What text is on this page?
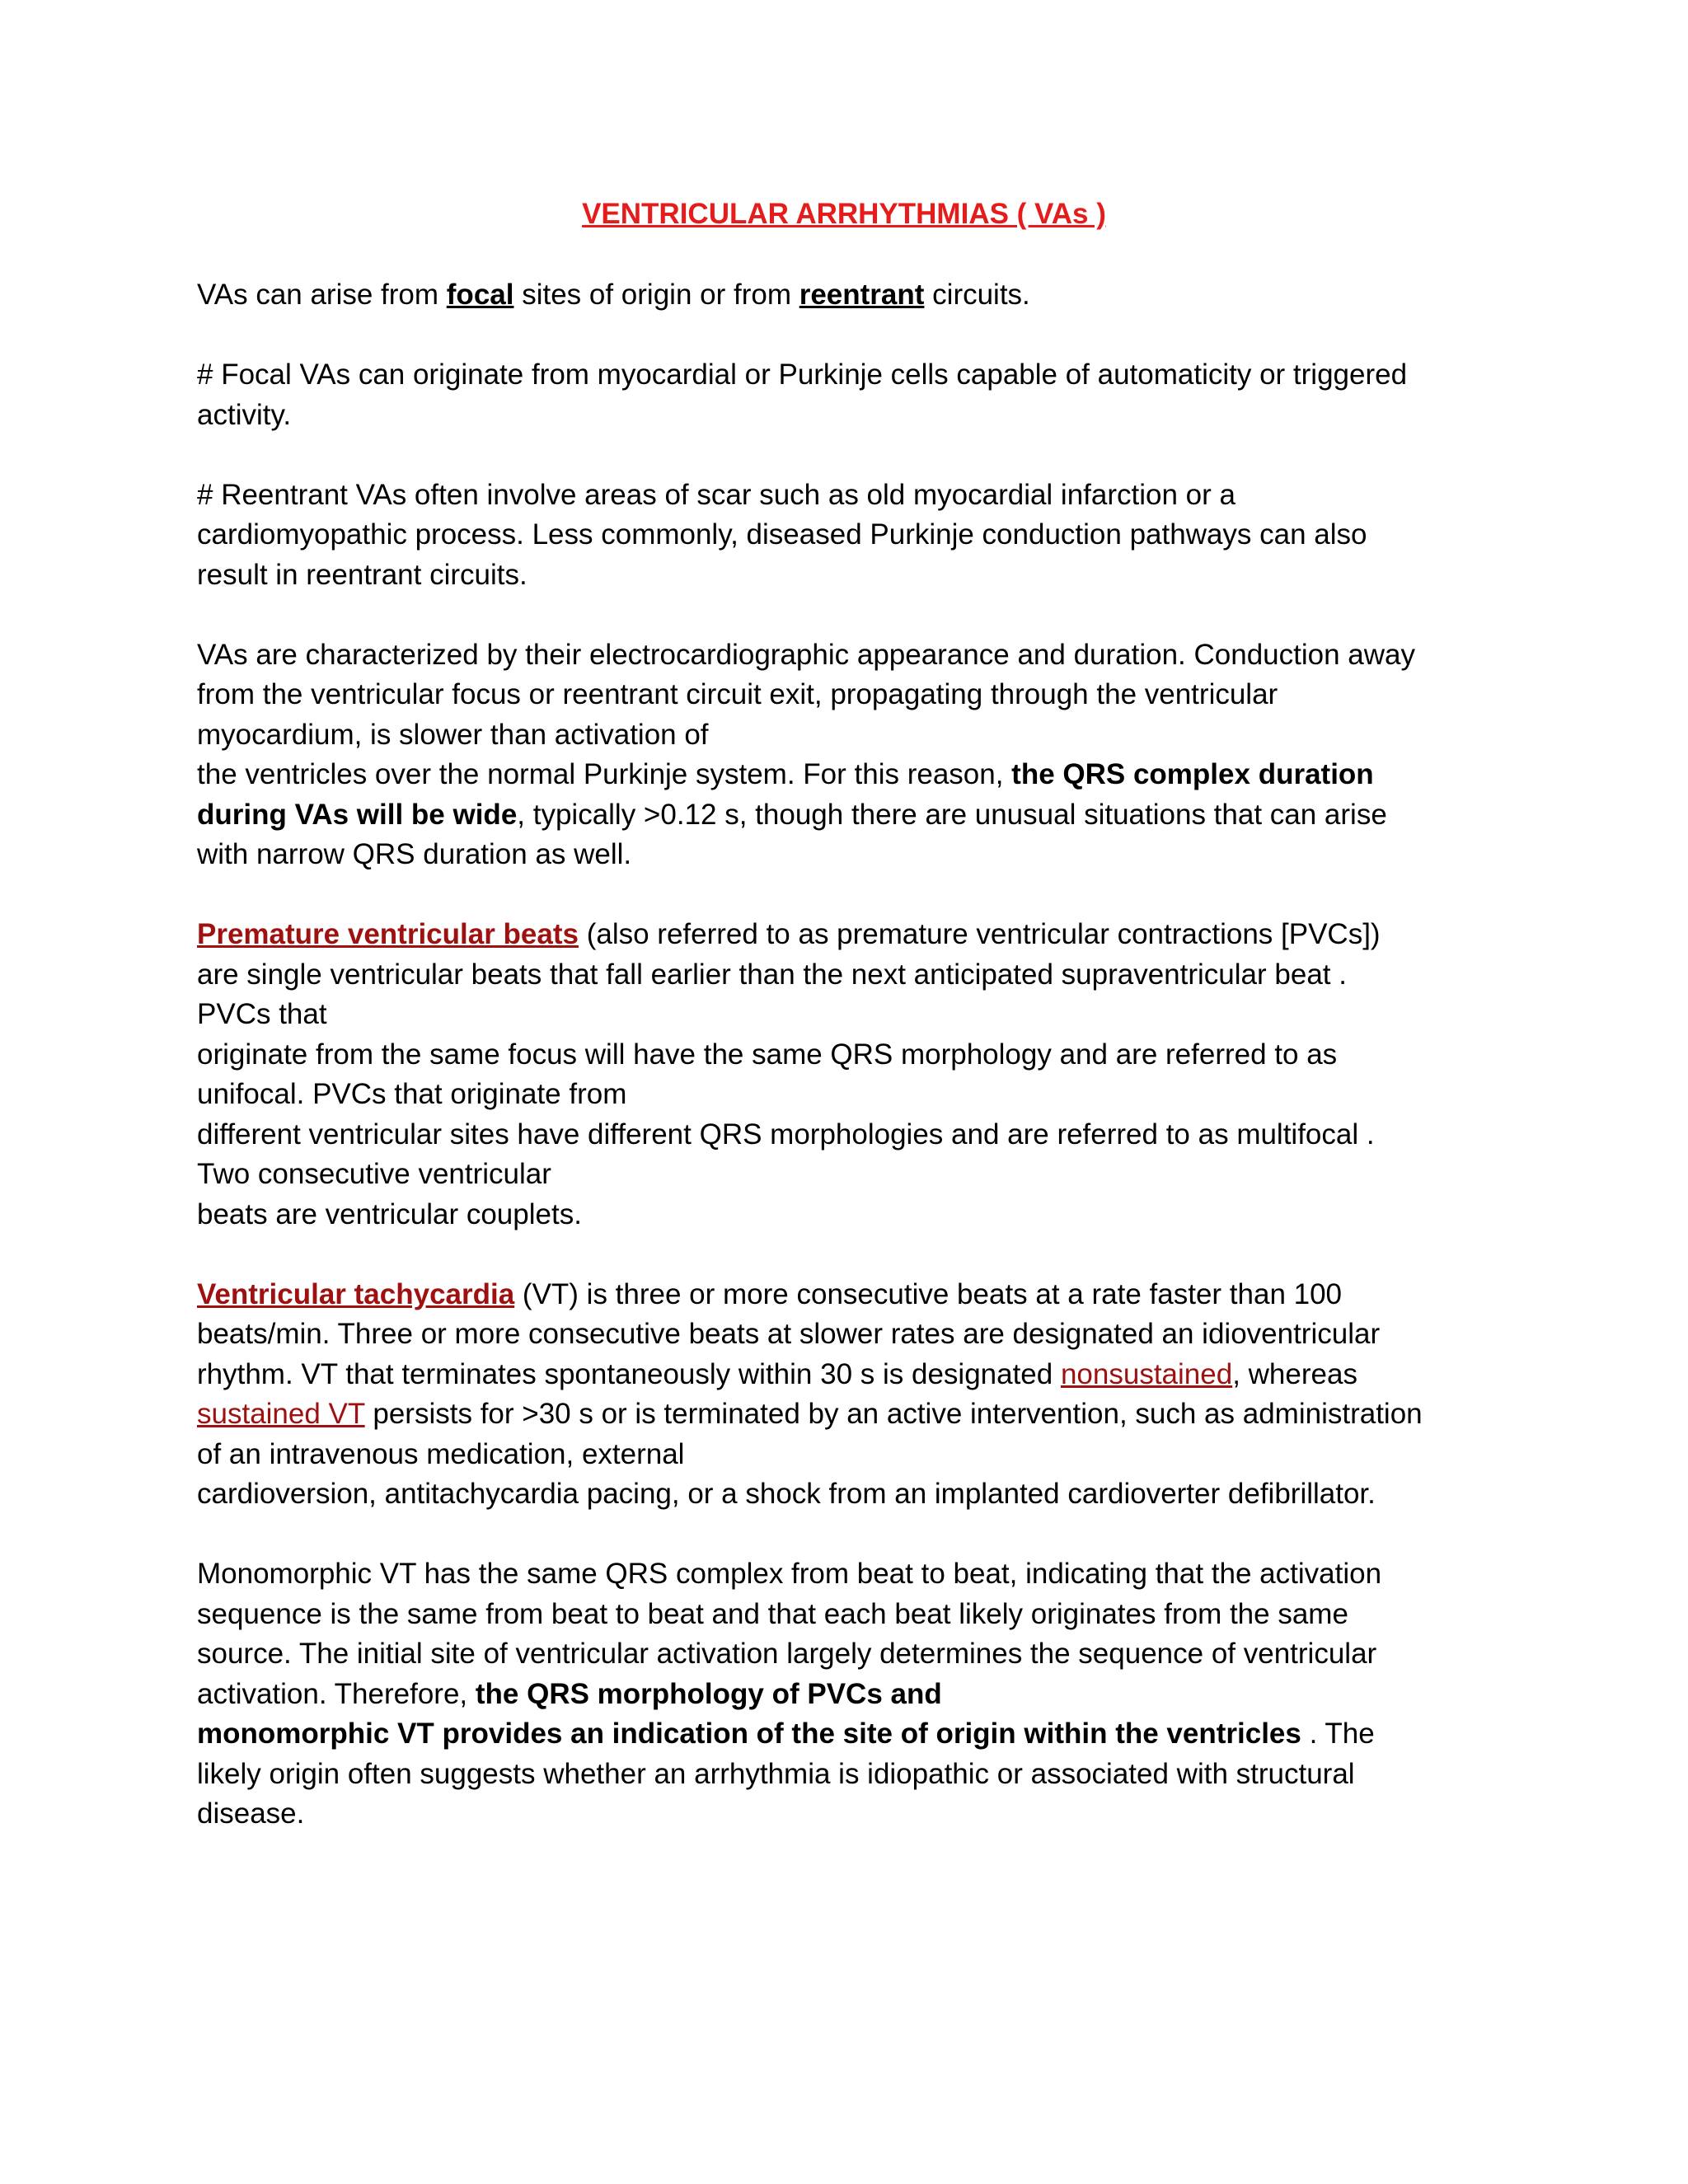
VENTRICULAR ARRHYTHMIAS ( VAs )

VAs can arise from focal sites of origin or from reentrant circuits.

# Focal VAs can originate from myocardial or Purkinje cells capable of automaticity or triggered
activity.

# Reentrant VAs often involve areas of scar such as old myocardial infarction or a
cardiomyopathic process. Less commonly, diseased Purkinje conduction pathways can also
result in reentrant circuits.

VAs are characterized by their electrocardiographic appearance and duration. Conduction away
from the ventricular focus or reentrant circuit exit, propagating through the ventricular
myocardium, is slower than activation of
the ventricles over the normal Purkinje system. For this reason, the QRS complex duration
during VAs will be wide, typically >0.12 s, though there are unusual situations that can arise
with narrow QRS duration as well.

Premature ventricular beats (also referred to as premature ventricular contractions [PVCs])
are single ventricular beats that fall earlier than the next anticipated supraventricular beat .
PVCs that
originate from the same focus will have the same QRS morphology and are referred to as
unifocal. PVCs that originate from
different ventricular sites have different QRS morphologies and are referred to as multifocal .
Two consecutive ventricular
beats are ventricular couplets.

Ventricular tachycardia (VT) is three or more consecutive beats at a rate faster than 100
beats/min. Three or more consecutive beats at slower rates are designated an idioventricular
rhythm. VT that terminates spontaneously within 30 s is designated nonsustained, whereas
sustained VT persists for >30 s or is terminated by an active intervention, such as administration
of an intravenous medication, external
cardioversion, antitachycardia pacing, or a shock from an implanted cardioverter defibrillator.

Monomorphic VT has the same QRS complex from beat to beat, indicating that the activation
sequence is the same from beat to beat and that each beat likely originates from the same
source. The initial site of ventricular activation largely determines the sequence of ventricular
activation. Therefore, the QRS morphology of PVCs and
monomorphic VT provides an indication of the site of origin within the ventricles . The
likely origin often suggests whether an arrhythmia is idiopathic or associated with structural
disease.
